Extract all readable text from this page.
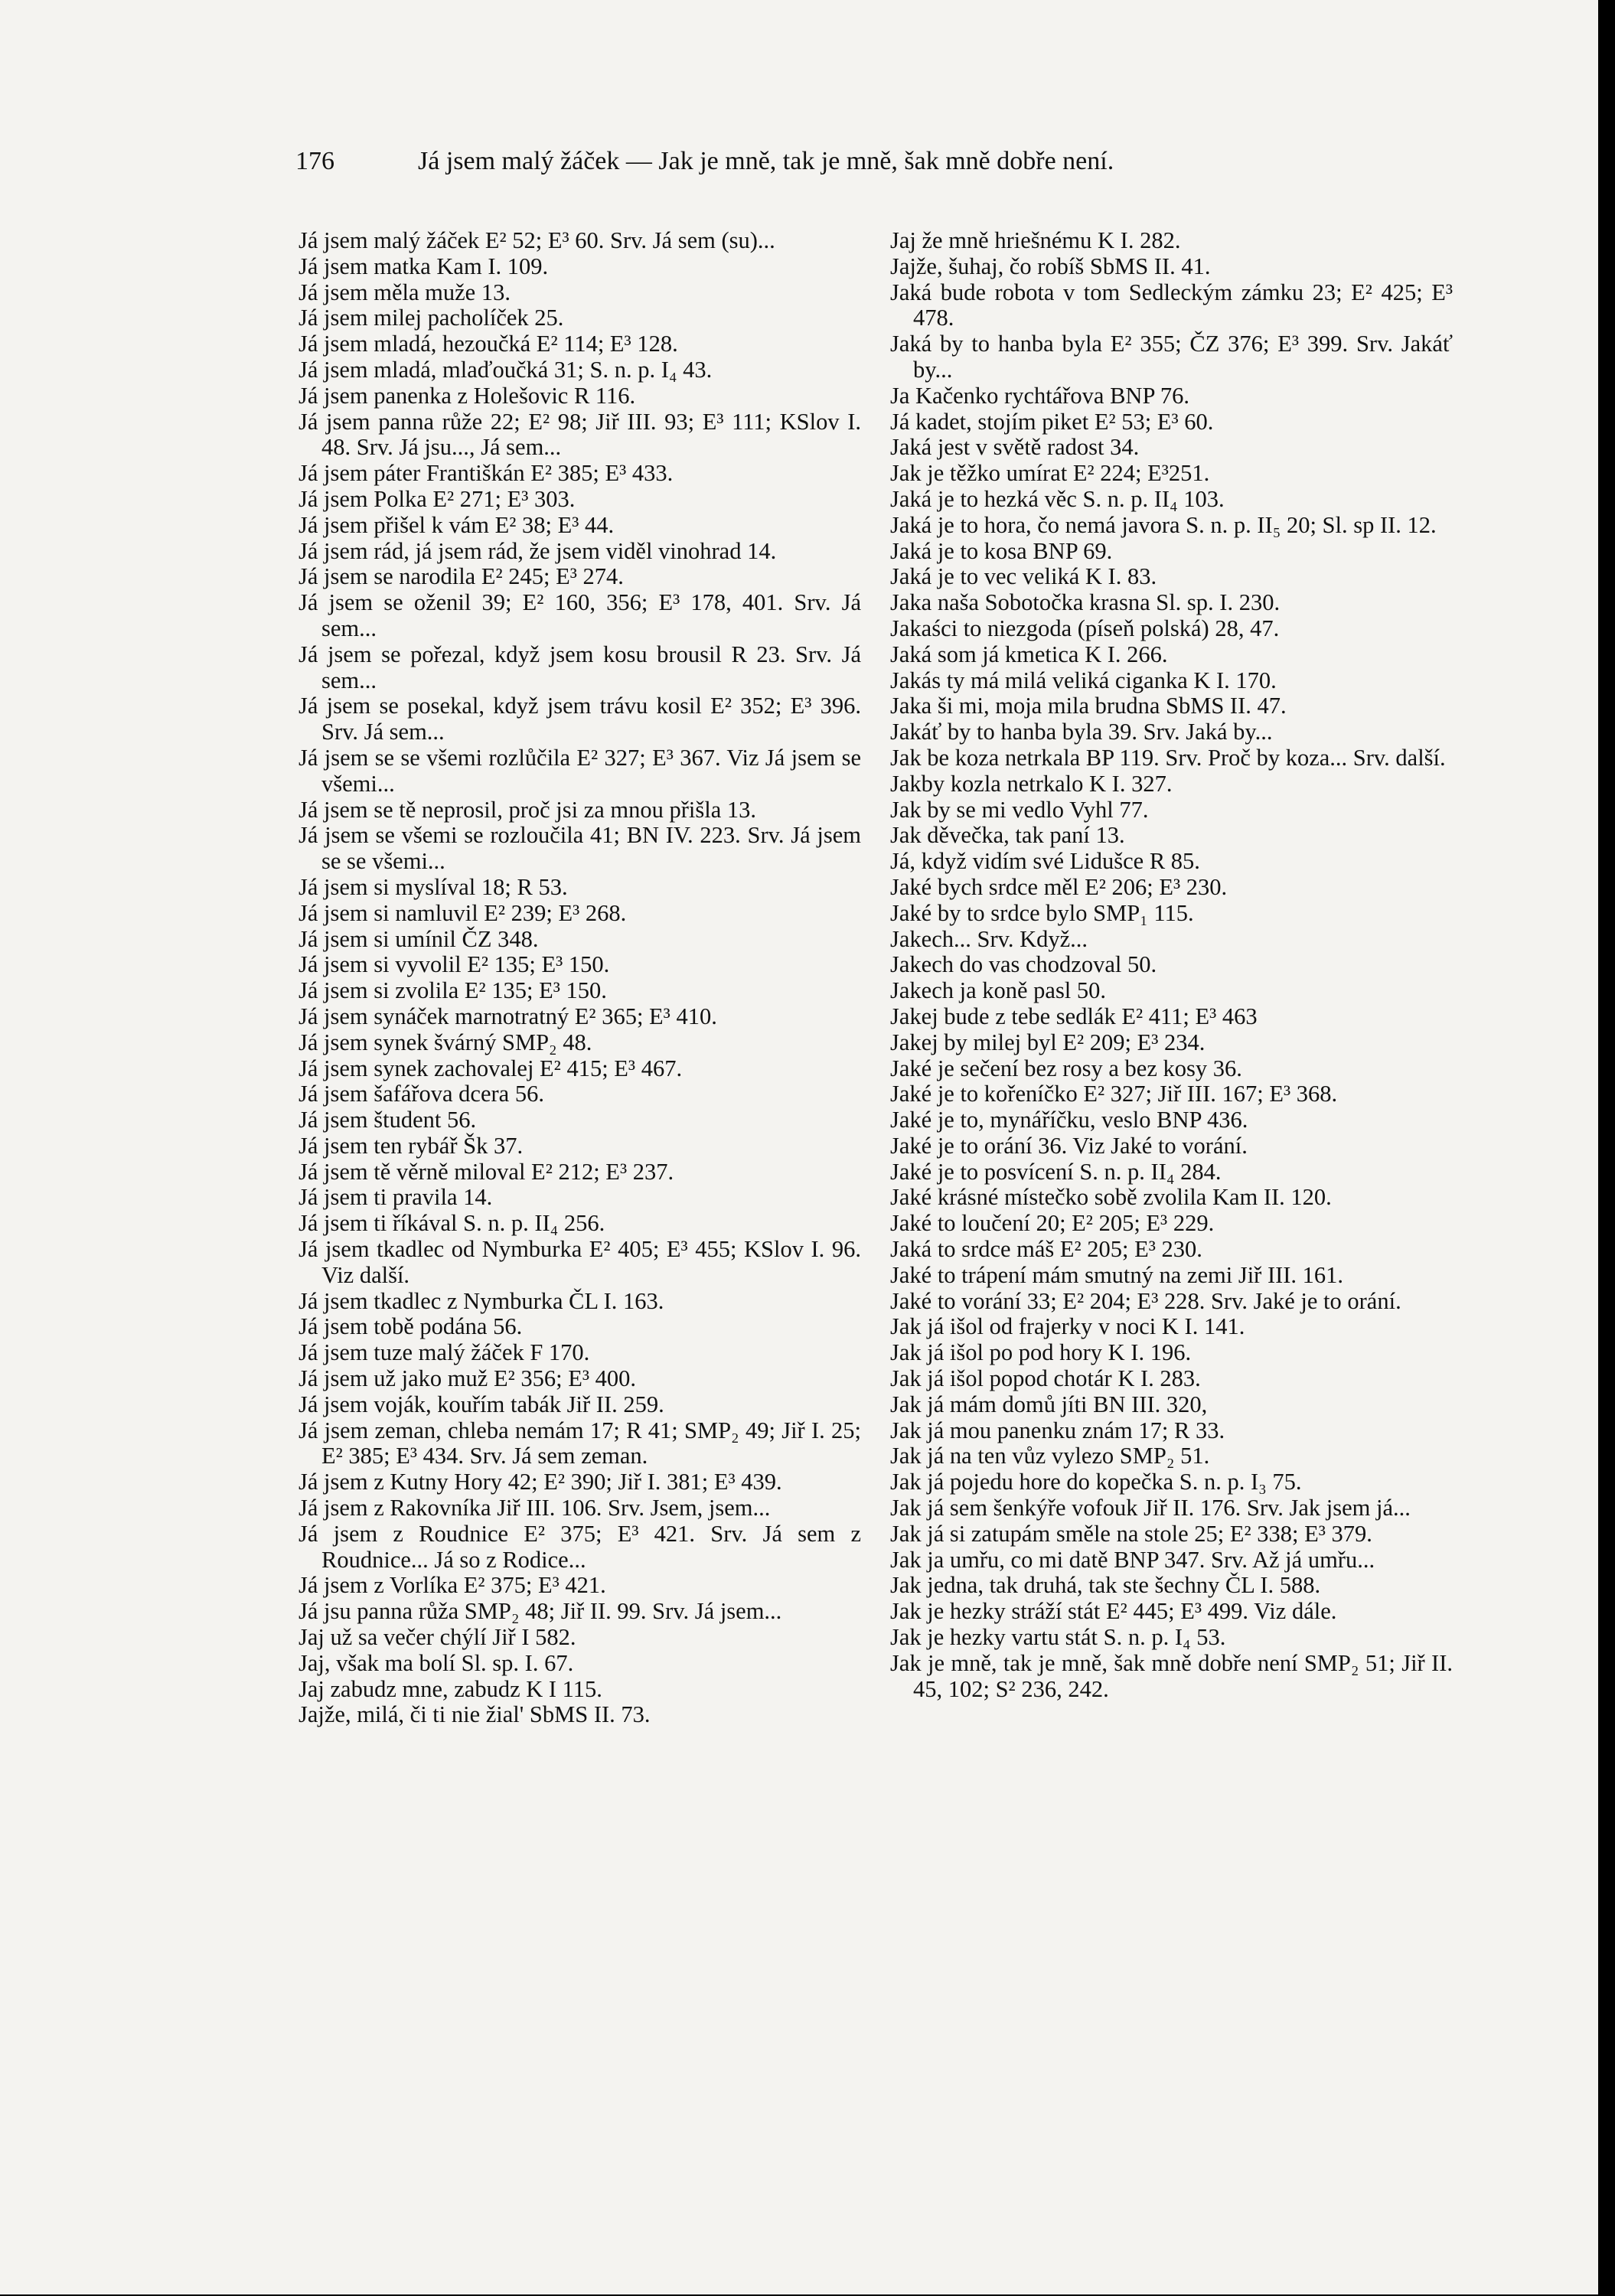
176	Já jsem malý žáček — Jak je mně, tak je mně, šak mně dobře není.
Já jsem malý žáček E² 52; E³ 60. Srv. Já sem (su)...
Já jsem matka Kam I. 109.
Já jsem měla muže 13.
Já jsem milej pacholíček 25.
Já jsem mladá, hezoučká E² 114; E³ 128.
Já jsem mladá, mlaďoučká 31; S. n. p. I₄ 43.
Já jsem panenka z Holešovic R 116.
Já jsem panna růže 22; E² 98; Jiř III. 93; E³ 111; KSlov I. 48. Srv. Já jsu..., Já sem...
Já jsem páter Františkán E² 385; E³ 433.
Já jsem Polka E² 271; E³ 303.
Já jsem přišel k vám E² 38; E³ 44.
Já jsem rád, já jsem rád, že jsem viděl vinohrad 14.
Já jsem se narodila E² 245; E³ 274.
Já jsem se oženil 39; E² 160, 356; E³ 178, 401. Srv. Já sem...
Já jsem se pořezal, když jsem kosu brousil R 23. Srv. Já sem...
Já jsem se posekal, když jsem trávu kosil E² 352; E³ 396. Srv. Já sem...
Já jsem se se všemi rozlůčila E² 327; E³ 367. Viz Já jsem se všemi...
Já jsem se tě neprosil, proč jsi za mnou přišla 13.
Já jsem se všemi se rozloučila 41; BN IV. 223. Srv. Já jsem se se všemi...
Já jsem si myslíval 18; R 53.
Já jsem si namluvil E² 239; E³ 268.
Já jsem si umínil ČZ 348.
Já jsem si vyvolil E² 135; E³ 150.
Já jsem si zvolila E² 135; E³ 150.
Já jsem synáček marnotratný E² 365; E³ 410.
Já jsem synek švárný SMP₂ 48.
Já jsem synek zachovalej E² 415; E³ 467.
Já jsem šafářova dcera 56.
Já jsem študent 56.
Já jsem ten rybář Šk 37.
Já jsem tě věrně miloval E² 212; E³ 237.
Já jsem ti pravila 14.
Já jsem ti říkával S. n. p. II₄ 256.
Já jsem tkadlec od Nymburka E² 405; E³ 455; KSlov I. 96. Viz další.
Já jsem tkadlec z Nymburka ČL I. 163.
Já jsem tobě podána 56.
Já jsem tuze malý žáček F 170.
Já jsem už jako muž E² 356; E³ 400.
Já jsem voják, kouřím tabák Jiř II. 259.
Já jsem zeman, chleba nemám 17; R 41; SMP₂ 49; Jiř I. 25; E² 385; E³ 434. Srv. Já sem zeman.
Já jsem z Kutny Hory 42; E² 390; Jiř I. 381; E³ 439.
Já jsem z Rakovníka Jiř III. 106. Srv. Jsem, jsem...
Já jsem z Roudnice E² 375; E³ 421. Srv. Já sem z Roudnice... Já so z Rodice...
Já jsem z Vorlíka E² 375; E³ 421.
Já jsu panna růža SMP₂ 48; Jiř II. 99. Srv. Já jsem...
Jaj už sa večer chýlí Jiř I 582.
Jaj, však ma bolí Sl. sp. I. 67.
Jaj zabudz mne, zabudz K I 115.
Jajže, milá, či ti nie žial' SbMS II. 73.
Jaj že mně hriešnému K I. 282.
Jajže, šuhaj, čo robíš SbMS II. 41.
Jaká bude robota v tom Sedleckým zámku 23; E² 425; E³ 478.
Jaká by to hanba byla E² 355; ČZ 376; E³ 399. Srv. Jakáť by...
Ja Kačenko rychtářova BNP 76.
Já kadet, stojím piket E² 53; E³ 60.
Jaká jest v světě radost 34.
Jak je těžko umírat E² 224; E³251.
Jaká je to hezká věc S. n. p. II₄ 103.
Jaká je to hora, čo nemá javora S. n. p. II₅ 20; Sl. sp II. 12.
Jaká je to kosa BNP 69.
Jaká je to vec veliká K I. 83.
Jaka naša Sobotočka krasna Sl. sp. I. 230.
Jakaści to niezgoda (píseň polská) 28, 47.
Jaká som já kmetica K I. 266.
Jakás ty má milá veliká ciganka K I. 170.
Jaka ši mi, moja mila brudna SbMS II. 47.
Jakáť by to hanba byla 39. Srv. Jaká by...
Jak be koza netrkala BP 119. Srv. Proč by koza... Srv. další.
Jakby kozla netrkalo K I. 327.
Jak by se mi vedlo Vyhl 77.
Jak děvečka, tak paní 13.
Já, když vidím své Lidušce R 85.
Jaké bych srdce měl E² 206; E³ 230.
Jaké by to srdce bylo SMP₁ 115.
Jakech... Srv. Když...
Jakech do vas chodzoval 50.
Jakech ja koně pasl 50.
Jakej bude z tebe sedlák E² 411; E³ 463
Jakej by milej byl E² 209; E³ 234.
Jaké je sečení bez rosy a bez kosy 36.
Jaké je to kořeníčko E² 327; Jiř III. 167; E³ 368.
Jaké je to, mynáříčku, veslo BNP 436.
Jaké je to orání 36. Viz Jaké to vorání.
Jaké je to posvícení S. n. p. II₄ 284.
Jaké krásné místečko sobě zvolila Kam II. 120.
Jaké to loučení 20; E² 205; E³ 229.
Jaká to srdce máš E² 205; E³ 230.
Jaké to trápení mám smutný na zemi Jiř III. 161.
Jaké to vorání 33; E² 204; E³ 228. Srv. Jaké je to orání.
Jak já išol od frajerky v noci K I. 141.
Jak já išol po pod hory K I. 196.
Jak já išol popod chotár K I. 283.
Jak já mám domů jíti BN III. 320,
Jak já mou panenku znám 17; R 33.
Jak já na ten vůz vylezo SMP₂ 51.
Jak já pojedu hore do kopečka S. n. p. I₃ 75.
Jak já sem šenkýře vofouk Jiř II. 176. Srv. Jak jsem já...
Jak já si zatupám směle na stole 25; E² 338; E³ 379.
Jak ja umřu, co mi datě BNP 347. Srv. Až já umřu...
Jak jedna, tak druhá, tak ste šechny ČL I. 588.
Jak je hezky stráží stát E² 445; E³ 499. Viz dále.
Jak je hezky vartu stát S. n. p. I₄ 53.
Jak je mně, tak je mně, šak mně dobře není SMP₂ 51; Jiř II. 45, 102; S² 236, 242.
